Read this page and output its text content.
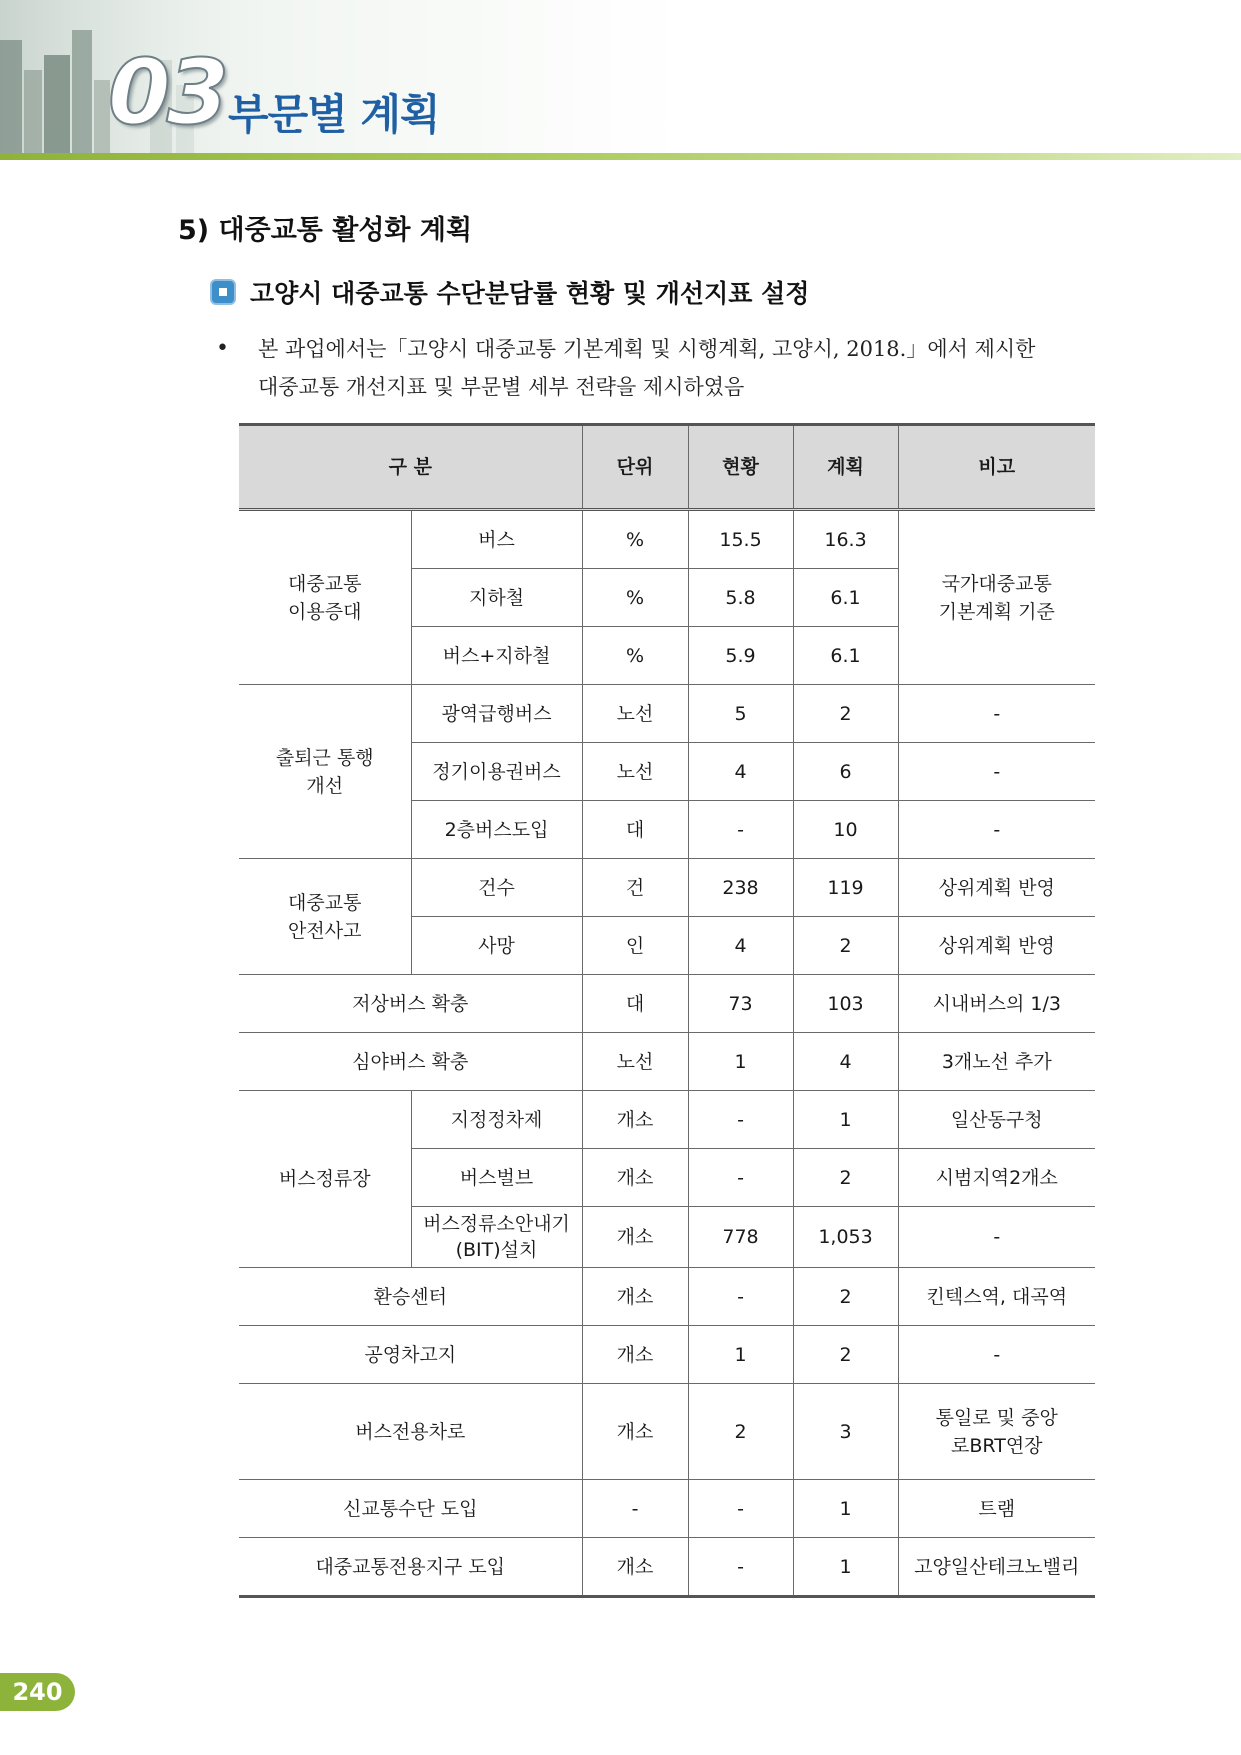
03 부문별 계획
5) 대중교통 활성화 계획
고양시 대중교통 수단분담률 현황 및 개선지표 설정
•	본 과업에서는「고양시 대중교통 기본계획 및 시행계획, 고양시, 2018.」에서 제시한

대중교통 개선지표 및 부문별 세부 전략을 제시하였음

구 분		단위	현황	계획	비고
대중교통 이용증대	버스	%	15.5	16.3	국가대중교통 기본계획 기준
	지하철	%	5.8	6.1	
	버스+지하철	%	5.9	6.1	
출퇴근 통행 개선	광역급행버스	노선	5	2	-
	정기이용권버스	노선	4	6	-
	2층버스도입	대	-	10	-
대중교통 안전사고	건수	건	238	119	상위계획 반영
	사망	인	4	2	상위계획 반영
저상버스 확충		대	73	103	시내버스의 1/3
심야버스 확충		노선	1	4	3개노선 추가
버스정류장	지정정차제	개소	-	1	일산동구청
	버스벌브	개소	-	2	시범지역2개소
	버스정류소안내기 (BIT)설치	개소	778	1,053	-
환승센터		개소	-	2	킨텍스역, 대곡역
공영차고지		개소	1	2	-
버스전용차로		개소	2	3	통일로 및 중앙로BRT연장
신교통수단 도입		-	-	1	트램
대중교통전용지구 도입		개소	-	1	고양일산테크노밸리
240
